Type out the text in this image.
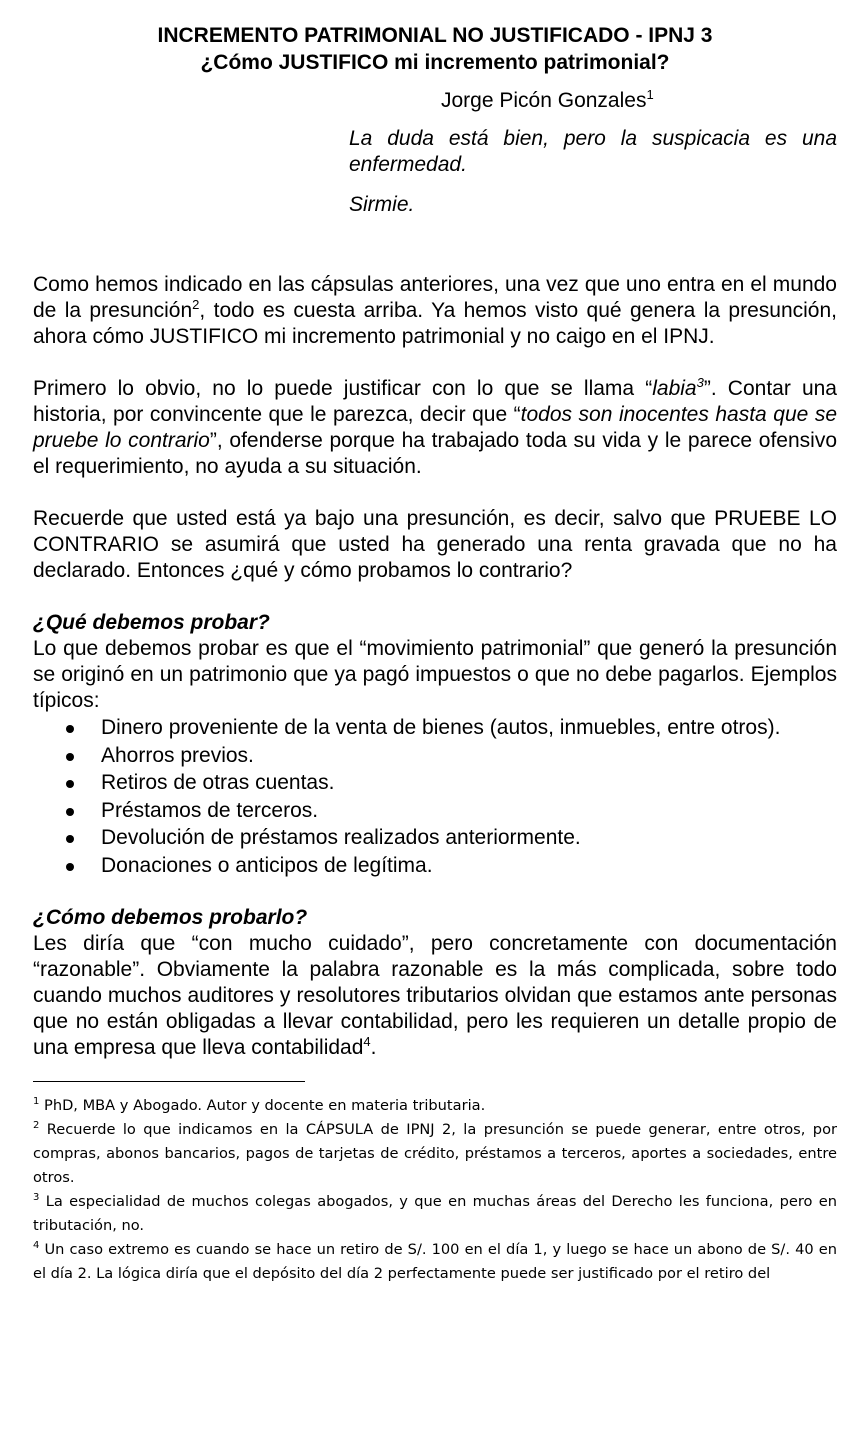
INCREMENTO PATRIMONIAL NO JUSTIFICADO - IPNJ 3

¿Cómo JUSTIFICO mi incremento patrimonial?

Jorge Picón Gonzales$^1$
La duda está bien, pero la suspicacia es una enfermedad.
Sirmie.

Como hemos indicado en las cápsulas anteriores, una vez que uno entra en el mundo de la presunción$^2$, todo es cuesta arriba. Ya hemos visto qué genera la presunción, ahora cómo JUSTIFICO mi incremento patrimonial y no caigo en el IPNJ.

Primero lo obvio, no lo puede justificar con lo que se llama “labia$^3$”. Contar una historia, por convincente que le parezca, decir que “todos son inocentes hasta que se pruebe lo contrario”, ofenderse porque ha trabajado toda su vida y le parece ofensivo el requerimiento, no ayuda a su situación.

Recuerde que usted está ya bajo una presunción, es decir, salvo que PRUEBE LO CONTRARIO se asumirá que usted ha generado una renta gravada que no ha declarado. Entonces ¿qué y cómo probamos lo contrario?

¿Qué debemos probar?

Lo que debemos probar es que el “movimiento patrimonial” que generó la presunción se originó en un patrimonio que ya pagó impuestos o que no debe pagarlos. Ejemplos típicos:

Dinero proveniente de la venta de bienes (autos, inmuebles, entre otros).
Ahorros previos.
Retiros de otras cuentas.
Préstamos de terceros.
Devolución de préstamos realizados anteriormente.
Donaciones o anticipos de legítima.

¿Cómo debemos probarlo?

Les diría que “con mucho cuidado”, pero concretamente con documentación “razonable”. Obviamente la palabra razonable es la más complicada, sobre todo cuando muchos auditores y resolutores tributarios olvidan que estamos ante personas que no están obligadas a llevar contabilidad, pero les requieren un detalle propio de una empresa que lleva contabilidad$^4$.

$^1$ PhD, MBA y Abogado. Autor y docente en materia tributaria.

$^2$ Recuerde lo que indicamos en la CÁPSULA de IPNJ 2, la presunción se puede generar, entre otros, por compras, abonos bancarios, pagos de tarjetas de crédito, préstamos a terceros, aportes a sociedades, entre otros.

$^3$ La especialidad de muchos colegas abogados, y que en muchas áreas del Derecho les funciona, pero en tributación, no.

$^4$ Un caso extremo es cuando se hace un retiro de S/. 100 en el día 1, y luego se hace un abono de S/. 40 en el día 2. La lógica diría que el depósito del día 2 perfectamente puede ser justificado por el retiro del
